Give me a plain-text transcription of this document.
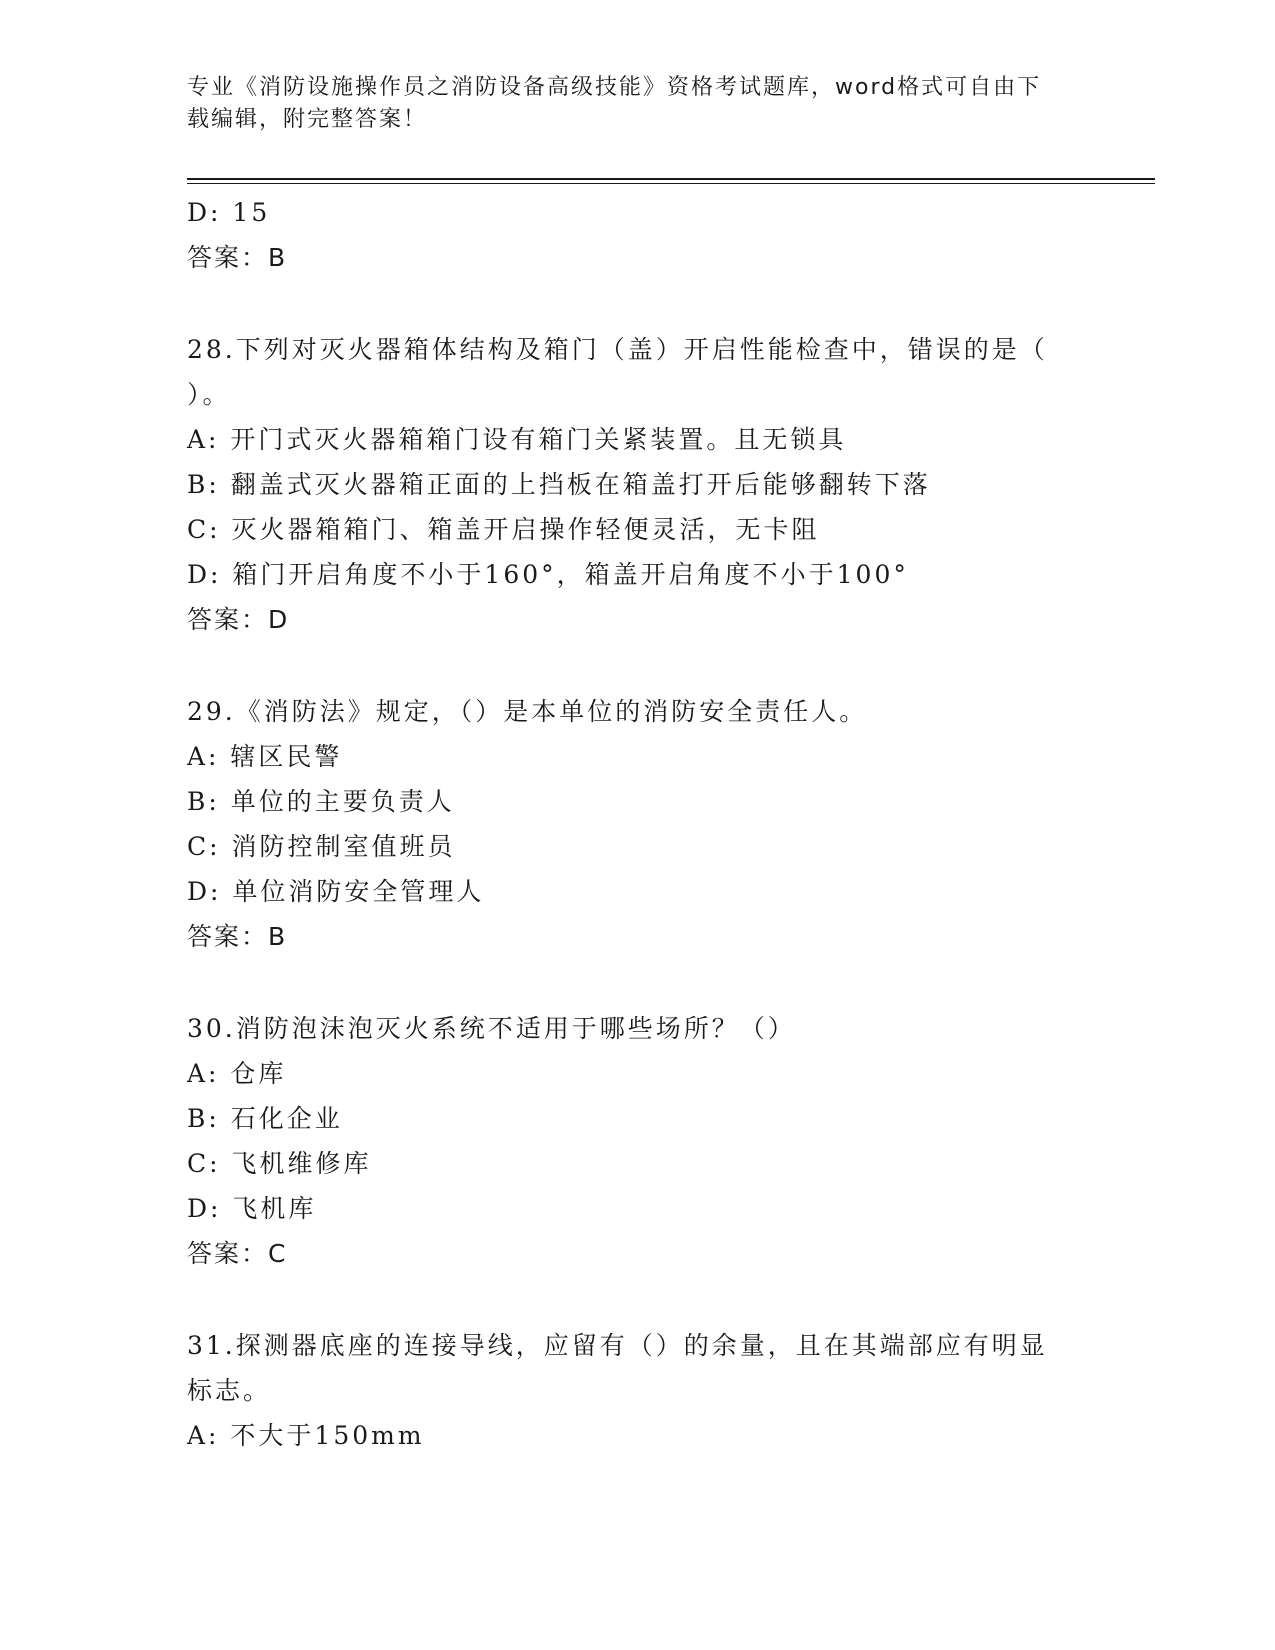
专业《消防设施操作员之消防设备高级技能》资格考试题库，word格式可自由下
载编辑，附完整答案！
D: 15
答案：B
28.下列对灭火器箱体结构及箱门（盖）开启性能检查中，错误的是（
）。
A: 开门式灭火器箱箱门设有箱门关紧装置。且无锁具
B: 翻盖式灭火器箱正面的上挡板在箱盖打开后能够翻转下落
C: 灭火器箱箱门、箱盖开启操作轻便灵活，无卡阻
D: 箱门开启角度不小于160°，箱盖开启角度不小于100°
答案：D
29.《消防法》规定，（）是本单位的消防安全责任人。
A: 辖区民警
B: 单位的主要负责人
C: 消防控制室值班员
D: 单位消防安全管理人
答案：B
30.消防泡沫泡灭火系统不适用于哪些场所？（）
A: 仓库
B: 石化企业
C: 飞机维修库
D: 飞机库
答案：C
31.探测器底座的连接导线，应留有（）的余量，且在其端部应有明显
标志。
A: 不大于150mm
